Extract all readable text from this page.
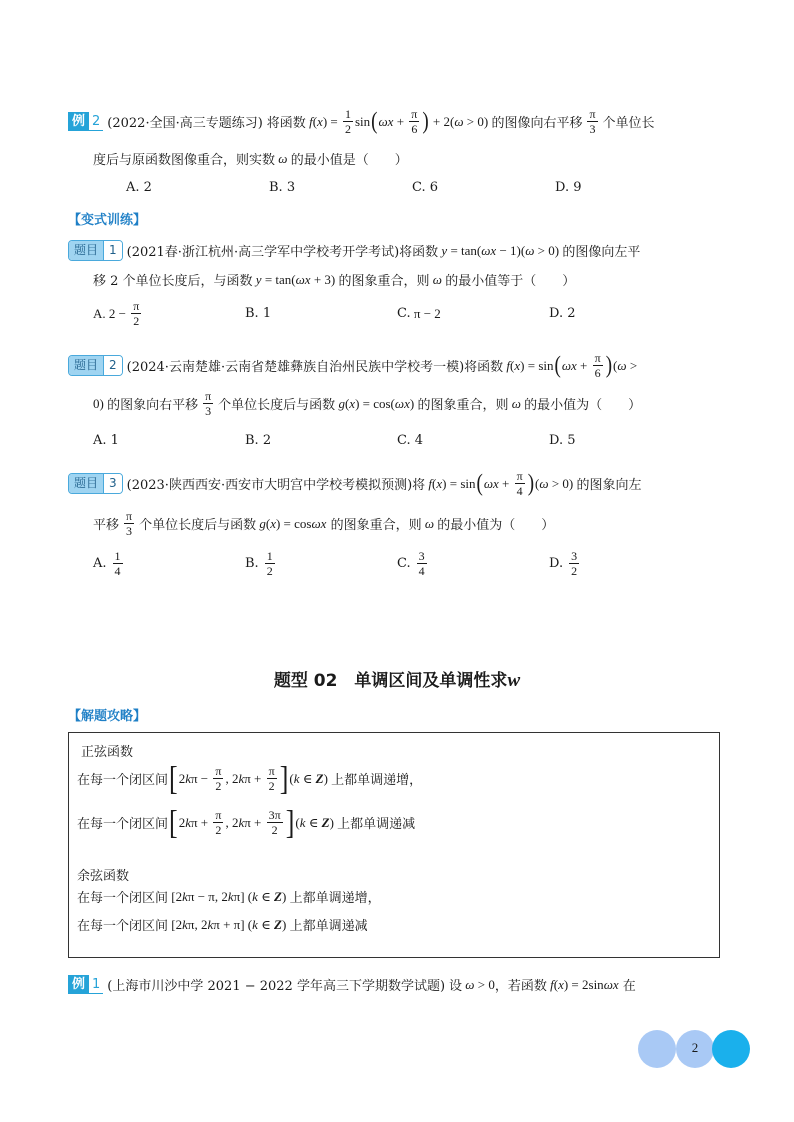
例 2 (2022·全国·高三专题练习) 将函数 f ( x ) = $\frac{1}{2}$ sin ( $\omega x + \frac{\pi}{6}$ ) + 2( ω > 0) 的图像向右平移 $\frac{\pi}{3}$ 个单位长
度后与原函数图像重合，则实数 ω 的最小值是（　　）
A. 2	B. 3	C. 6	D. 9
【变式训练】
题目 1 (2021春·浙江杭州·高三学军中学校考开学考试) 将函数 y = tan( ωx − 1)( ω > 0) 的图像向左平
移 2 个单位长度后，与函数 y = tan( ωx + 3) 的图象重合，则 ω 的最小值等于（　　）
A. $2 - \frac{\pi}{2}$	B. 1	C. π − 2	D. 2
题目 2 (2024·云南楚雄·云南省楚雄彝族自治州民族中学校考一模) 将函数 f ( x ) = sin ( $\omega x + \frac{\pi}{6}$ ) ( ω >
0) 的图象向右平移 $\frac{\pi}{3}$ 个单位长度后与函数 g ( x ) = cos( ωx ) 的图象重合，则 ω 的最小值为（　　）
A. 1	B. 2	C. 4	D. 5
题目 3 (2023·陕西西安·西安市大明宫中学校考模拟预测) 将 f ( x ) = sin ( $\omega x + \frac{\pi}{4}$ ) ( ω > 0) 的图象向左
平移 $\frac{\pi}{3}$ 个单位长度后与函数 g ( x ) = cos ωx
的图象重合，则 ω 的最小值为（　　）
A. $\frac{1}{4}$	B. $\frac{1}{2}$	C. $\frac{3}{4}$	D. $\frac{3}{2}$
题型 02　单调区间及单调性求w
【解题攻略】
正弦函数
在每一个闭区间 [ 2 k $\pi - \frac{\pi}{2}$ , 2 k $\pi + \frac{\pi}{2}$ ] ( k ∈ Z ) 上都单调递增，
在每一个闭区间 [ 2 k $\pi + \frac{\pi}{2}$ , 2 k $\pi + \frac{3\pi}{2}$ ] ( k ∈ Z ) 上都单调递减
余弦函数
在每一个闭区间 [2 k π − π, 2 k π] ( k ∈ Z ) 上都单调递增，
在每一个闭区间 [2 k π, 2 k π + π] ( k ∈ Z ) 上都单调递减
例 1 (上海市川沙中学 2021 − 2022 学年高三下学期数学试题) 设 ω > 0 ，若函数 f ( x ) = 2sin ωx
在
2
